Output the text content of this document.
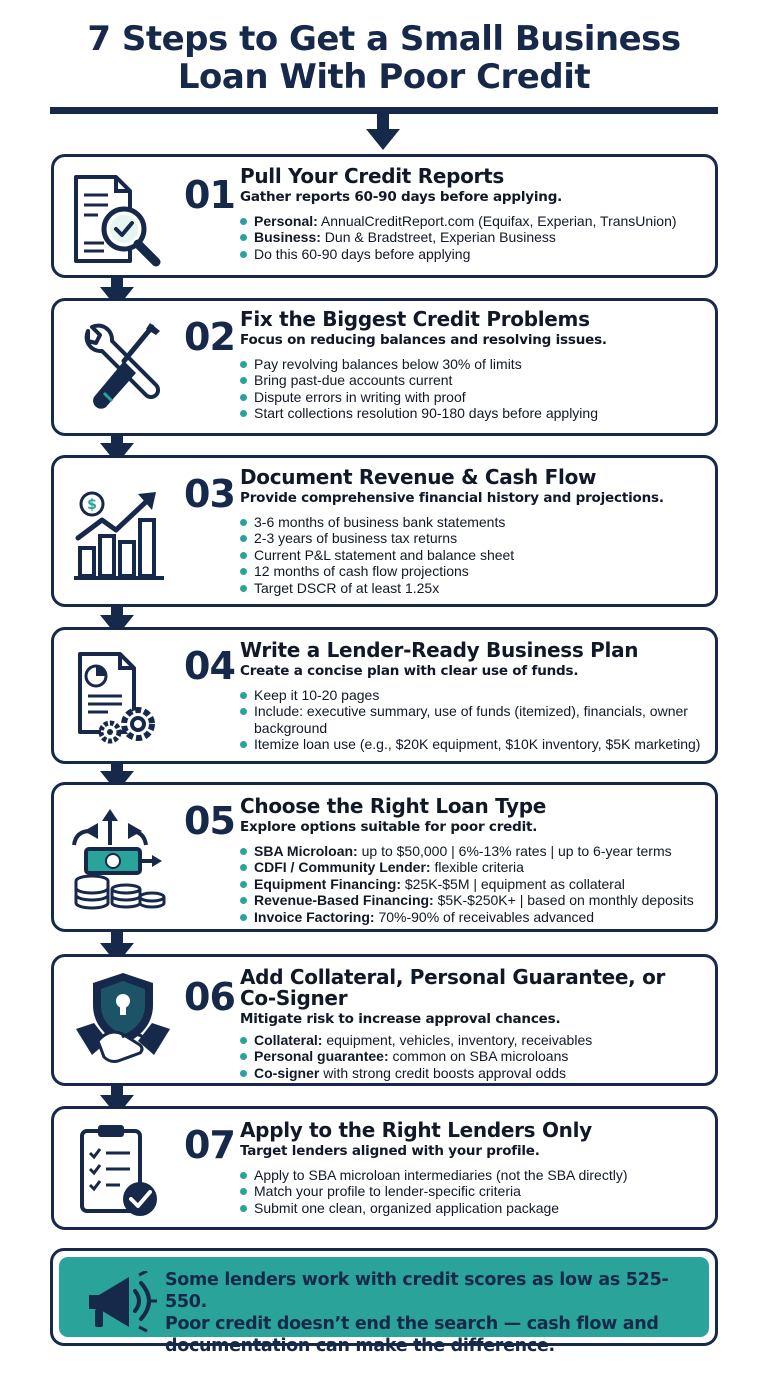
7 Steps to Get a Small Business
Loan With Poor Credit
01 Pull Your Credit Reports
Gather reports 60-90 days before applying.
Personal: AnnualCreditReport.com (Equifax, Experian, TransUnion)
Business: Dun & Bradstreet, Experian Business
Do this 60-90 days before applying
02 Fix the Biggest Credit Problems
Focus on reducing balances and resolving issues.
Pay revolving balances below 30% of limits
Bring past-due accounts current
Dispute errors in writing with proof
Start collections resolution 90-180 days before applying
$ 03 Document Revenue & Cash Flow
Provide comprehensive financial history and projections.
3-6 months of business bank statements
2-3 years of business tax returns
Current P&L statement and balance sheet
12 months of cash flow projections
Target DSCR of at least 1.25x
04 Write a Lender-Ready Business Plan
Create a concise plan with clear use of funds.
Keep it 10-20 pages
Include: executive summary, use of funds (itemized), financials, owner background
Itemize loan use (e.g., $20K equipment, $10K inventory, $5K marketing)
05 Choose the Right Loan Type
Explore options suitable for poor credit.
SBA Microloan: up to $50,000 | 6%-13% rates | up to 6-year terms
CDFI / Community Lender: flexible criteria
Equipment Financing: $25K-$5M | equipment as collateral
Revenue-Based Financing: $5K-$250K+ | based on monthly deposits
Invoice Factoring: 70%-90% of receivables advanced
06 Add Collateral, Personal Guarantee, or Co-Signer
Mitigate risk to increase approval chances.
Collateral: equipment, vehicles, inventory, receivables
Personal guarantee: common on SBA microloans
Co-signer with strong credit boosts approval odds
07 Apply to the Right Lenders Only
Target lenders aligned with your profile.
Apply to SBA microloan intermediaries (not the SBA directly)
Match your profile to lender-specific criteria
Submit one clean, organized application package
Some lenders work with credit scores as low as 525-550.
Poor credit doesn’t end the search — cash flow and
documentation can make the difference.
